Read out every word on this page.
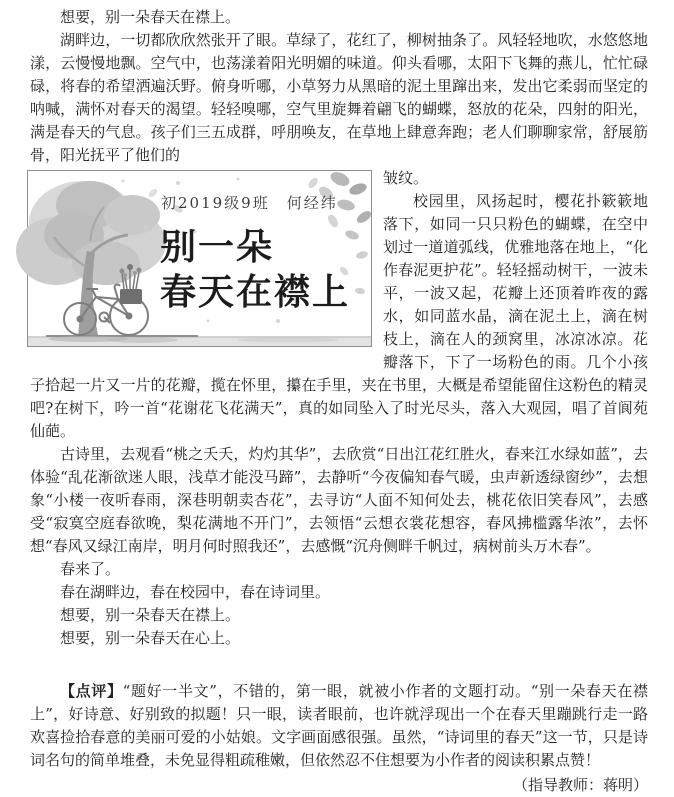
想要，别一朵春天在襟上。

湖畔边，一切都欣欣然张开了眼。草绿了，花红了，柳树抽条了。风轻轻地吹，水悠悠地漾，云慢慢地飘。空气中，也荡漾着阳光明媚的味道。仰头看哪，太阳下飞舞的燕儿，忙忙碌碌，将春的希望洒遍沃野。俯身听哪，小草努力从黑暗的泥土里蹿出来，发出它柔弱而坚定的呐喊，满怀对春天的渴望。轻轻嗅哪，空气里旋舞着翩飞的蝴蝶，怒放的花朵，四射的阳光，满是春天的气息。孩子们三五成群，呼朋唤友，在草地上肆意奔跑；老人们聊聊家常，舒展筋骨，阳光抚平了他们的

初2019级9班　何经纬
别一朵
春天在襟上

皱纹。

校园里，风扬起时，樱花扑簌簌地落下，如同一只只粉色的蝴蝶，在空中划过一道道弧线，优雅地落在地上，“化作春泥更护花”。轻轻摇动树干，一波未平，一波又起，花瓣上还顶着昨夜的露水，如同蓝水晶，滴在泥土上，滴在树枝上，滴在人的颈窝里，冰凉冰凉。花瓣落下，下了一场粉色的雨。几个小孩子拾起一片又一片的花瓣，揽在怀里，攥在手里，夹在书里，大概是希望能留住这粉色的精灵吧?在树下，吟一首“花谢花飞花满天”，真的如同坠入了时光尽头，落入大观园，唱了首阆苑仙葩。

古诗里，去观看“桃之夭夭，灼灼其华”，去欣赏“日出江花红胜火，春来江水绿如蓝”，去体验“乱花渐欲迷人眼，浅草才能没马蹄”，去静听“今夜偏知春气暖，虫声新透绿窗纱”，去想象“小楼一夜听春雨，深巷明朝卖杏花”，去寻访“人面不知何处去，桃花依旧笑春风”，去感受“寂寞空庭春欲晚，梨花满地不开门”，去领悟“云想衣裳花想容，春风拂槛露华浓”，去怀想“春风又绿江南岸，明月何时照我还”，去感慨“沉舟侧畔千帆过，病树前头万木春”。

春来了。

春在湖畔边，春在校园中，春在诗词里。

想要，别一朵春天在襟上。

想要，别一朵春天在心上。

【点评】“题好一半文”，不错的，第一眼，就被小作者的文题打动。“别一朵春天在襟上”，好诗意、好别致的拟题！只一眼，读者眼前，也许就浮现出一个在春天里蹦跳行走一路欢喜捡拾春意的美丽可爱的小姑娘。文字画面感很强。虽然，“诗词里的春天”这一节，只是诗词名句的简单堆叠，未免显得粗疏稚嫩，但依然忍不住想要为小作者的阅读积累点赞！

（指导教师：蒋明）
